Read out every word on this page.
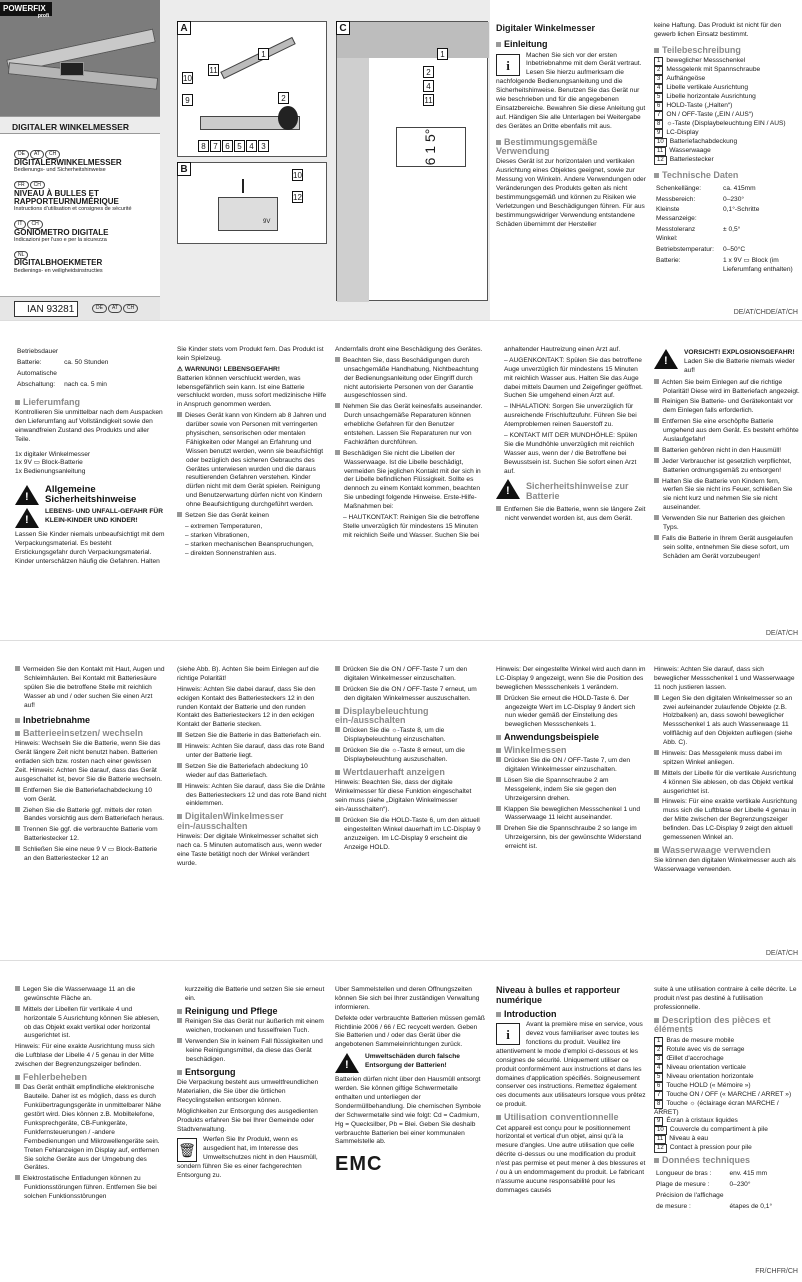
POWERFIX
profi
DIGITALER WINKELMESSER
DE AT CH
DIGITALERWINKELMESSER
Bedienungs- und Sicherheitshinweise
FR CH
NIVEAU À BULLES ET
RAPPORTEURNUMÉRIQUE
Instructions d'utilisation et consignes de sécurité
IT CH
GONIOMETRO DIGITALE
Indicazioni per l'uso e per la sicurezza
NL
DIGITALBHOEKMETER
Bedienings- en veiligheidsinstructies
IAN 93281	DE AT CH
1
10
11
9	2
8 7 6 5 4 3
A
9V
10
12
B
6 1 5°
1
2
4
11
C	Digitaler Winkelmesser
Einleitung
i

Machen Sie sich vor der ersten Inbetriebnahme mit dem Gerät vertraut. Lesen Sie hierzu aufmerksam die nachfolgende Bedienungsanleitung und die Sicherheitshinweise. Benutzen Sie das Gerät nur wie beschrieben und für die angegebenen Einsatzbereiche. Bewahren Sie diese Anleitung gut auf. Händigen Sie alle Unterlagen bei Weitergabe des Gerätes an Dritte ebenfalls mit aus.

Bestimmungsgemäße Verwendung

Dieses Gerät ist zur horizontalen und vertikalen Ausrichtung eines Objektes geeignet, sowie zur Messung von Winkeln. Andere Verwendungen oder Veränderungen des Produkts gelten als nicht bestimmungsgemäß und können zu Risiken wie Verletzungen und Beschädigungen führen. Für aus bestimmungswidriger Verwendung entstandene Schäden übernimmt der Hersteller

keine Haftung. Das Produkt ist nicht für den gewerb lichen Einsatz bestimmt.

Teilebeschreibung
1 beweglicher Messschenkel
2 Messgelenk mit Spannschraube
3 Aufhängeöse
4 Libelle vertikale Ausrichtung
5 Libelle horizontale Ausrichtung
6 HOLD-Taste („Halten“)
7 ON / OFF-Taste („EIN / AUS“)
8 ☼-Taste (Displaybeleuchtung EIN / AUS)
9 LC-Display
10 Batteriefachabdeckung
11 Wasserwaage
12 Batteriestecker
Technische Daten
Schenkellänge:	ca. 415mm
Messbereich:	0–230°
Kleinste Messanzeige:	0,1°-Schritte
Messtoleranz Winkel:	± 0,5°
Betriebstemperatur:	0–50°C
Batterie:	1 x 9V ▭ Block (im Lieferumfang enthalten)
DE/AT/CHDE/AT/CH
Betriebsdauer	
Batterie:	ca. 50 Stunden
Automatische	
Abschaltung:	nach ca. 5 min
Lieferumfang

Kontrollieren Sie unmittelbar nach dem Auspacken den Lieferumfang auf Vollständigkeit sowie den einwandfreien Zustand des Produkts und aller Teile.

1x digitaler Winkelmesser
1x 9V ▭ Block-Batterie
1x Bedienungsanleitung
!
Allgemeine Sicherheitshinweise
!
LEBENS- UND UNFALL-GEFAHR FÜR KLEIN-KINDER UND KINDER!

Lassen Sie Kinder niemals unbeaufsichtigt mit dem Verpackungsmaterial. Es besteht Erstickungsgefahr durch Verpackungsmaterial. Kinder unterschätzen häufig die Gefahren. Halten

Sie Kinder stets vom Produkt fern. Das Produkt ist kein Spielzeug.

⚠ WARNUNG! LEBENSGEFAHR!

Batterien können verschluckt werden, was lebensgefährlich sein kann. Ist eine Batterie verschluckt worden, muss sofort medizinische Hilfe in Anspruch genommen werden.

Dieses Gerät kann von Kindern ab 8 Jahren und darüber sowie von Personen mit verringerten physischen, sensorischen oder mentalen Fähigkeiten oder Mangel an Erfahrung und Wissen benutzt werden, wenn sie beaufsichtigt oder bezüglich des sicheren Gebrauchs des Gerätes unterwiesen wurden und die daraus resultierenden Gefahren verstehen. Kinder dürfen nicht mit dem Gerät spielen. Reinigung und Benutzerwartung dürfen nicht von Kindern ohne Beaufsichtigung durchgeführt werden.

Setzen Sie das Gerät keinen

– extremen Temperaturen,
– starken Vibrationen,
– starken mechanischen Beanspruchungen,
– direkten Sonnenstrahlen aus.

Andernfalls droht eine Beschädigung des Gerätes.

Beachten Sie, dass Beschädigungen durch unsachgemäße Handhabung, Nichtbeachtung der Bedienungsanleitung oder Eingriff durch nicht autorisierte Personen von der Garantie ausgeschlossen sind.

Nehmen Sie das Gerät keinesfalls auseinander. Durch unsachgemäße Reparaturen können erhebliche Gefahren für den Benutzer entstehen. Lassen Sie Reparaturen nur von Fachkräften durchführen.

Beschädigen Sie nicht die Libellen der Wasserwaage. Ist die Libelle beschädigt, vermeiden Sie jeglichen Kontakt mit der sich in der Libelle befindlichen Flüssigkeit. Sollte es dennoch zu einem Kontakt kommen, beachten Sie unbedingt folgende Hinweise. Erste-Hilfe-Maßnahmen bei:

– HAUTKONTAKT: Reinigen Sie die betroffene Stelle unverzüglich für mindestens 15 Minuten mit reichlich Seife und Wasser. Suchen Sie bei

anhaltender Hautreizung einen Arzt auf.

– AUGENKONTAKT: Spülen Sie das betroffene Auge unverzüglich für mindestens 15 Minuten mit reichlich Wasser aus. Halten Sie das Auge dabei mittels Daumen und Zeigefinger geöffnet. Suchen Sie umgehend einen Arzt auf.

– INHALATION: Sorgen Sie unverzüglich für ausreichende Frischluftzufuhr. Führen Sie bei Atemproblemen reinen Sauerstoff zu.

– KONTAKT MIT DER MUNDHÖHLE: Spülen Sie die Mundhöhle unverzüglich mit reichlich Wasser aus, wenn der / die Betroffene bei Bewusstsein ist. Suchen Sie sofort einen Arzt auf.

!
Sicherheitshinweise zur Batterie

Entfernen Sie die Batterie, wenn sie längere Zeit nicht verwendet worden ist, aus dem Gerät.

!
VORSICHT! EXPLOSIONSGEFAHR! Laden Sie die Batterie niemals wieder auf!

Achten Sie beim Einlegen auf die richtige Polarität! Diese wird im Batteriefach angezeigt.

Reinigen Sie Batterie- und Gerätekontakt vor dem Einlegen falls erforderlich.

Entfernen Sie eine erschöpfte Batterie umgehend aus dem Gerät. Es besteht erhöhte Auslaufgefahr!

Batterien gehören nicht in den Hausmüll!

Jeder Verbraucher ist gesetzlich verpflichtet, Batterien ordnungsgemäß zu entsorgen!

Halten Sie die Batterie von Kindern fern, werfen Sie sie nicht ins Feuer, schließen Sie sie nicht kurz und nehmen Sie sie nicht auseinander.

Verwenden Sie nur Batterien des gleichen Typs.

Falls die Batterie in Ihrem Gerät ausgelaufen sein sollte, entnehmen Sie diese sofort, um Schäden am Gerät vorzubeugen!

DE/AT/CH

Vermeiden Sie den Kontakt mit Haut, Augen und Schleimhäuten. Bei Kontakt mit Batteriesäure spülen Sie die betroffene Stelle mit reichlich Wasser ab und / oder suchen Sie einen Arzt auf!

Inbetriebnahme
Batterieeinsetzen/ wechseln

Hinweis: Wechseln Sie die Batterie, wenn Sie das Gerät längere Zeit nicht benutzt haben. Batterien entladen sich bzw. rosten nach einer gewissen Zeit. Hinweis: Achten Sie darauf, dass das Gerät ausgeschaltet ist, bevor Sie die Batterie wechseln.

Entfernen Sie die Batteriefachabdeckung 10 vom Gerät.

Ziehen Sie die Batterie ggf. mittels der roten Bandes vorsichtig aus dem Batteriefach heraus.

Trennen Sie ggf. die verbrauchte Batterie vom Batteriestecker 12.

Schließen Sie eine neue 9 V ▭ Block-Batterie an den Batteriestecker 12 an

(siehe Abb. B). Achten Sie beim Einlegen auf die richtige Polarität!

Hinweis: Achten Sie dabei darauf, dass Sie den eckigen Kontakt des Batteriesteckers 12 in den runden Kontakt der Batterie und den runden Kontakt des Batteriesteckers 12 in den eckigen Kontakt der Batterie stecken.

Setzen Sie die Batterie in das Batteriefach ein.

Hinweis: Achten Sie darauf, dass das rote Band unter der Batterie liegt.

Setzen Sie die Batteriefach abdeckung 10 wieder auf das Batteriefach.

Hinweis: Achten Sie darauf, dass Sie die Drähte des Batteriesteckers 12 und das rote Band nicht einklemmen.

DigitalenWinkelmesser ein-/ausschalten

Hinweis: Der digitale Winkelmesser schaltet sich nach ca. 5 Minuten automatisch aus, wenn weder eine Taste betätigt noch der Winkel verändert wurde.

Drücken Sie die ON / OFF-Taste 7 um den digitalen Winkelmesser einzuschalten.

Drücken Sie die ON / OFF-Taste 7 erneut, um den digitalen Winkelmesser auszuschalten.

Displaybeleuchtung ein-/ausschalten

Drücken Sie die ☼-Taste 8, um die Displaybeleuchtung einzuschalten.

Drücken Sie die ☼-Taste 8 erneut, um die Displaybeleuchtung auszuschalten.

Wertdauerhaft anzeigen

Hinweis: Beachten Sie, dass der digitale Winkelmesser für diese Funktion eingeschaltet sein muss (siehe „Digitalen Winkelmesser ein-/ausschalten“).

Drücken Sie die HOLD-Taste 6, um den aktuell eingestellten Winkel dauerhaft im LC-Display 9 anzuzeigen. Im LC-Display 9 erscheint die Anzeige HOLD.

Hinweis: Der eingestellte Winkel wird auch dann im LC-Display 9 angezeigt, wenn Sie die Position des beweglichen Messschenkels 1 verändern.

Drücken Sie erneut die HOLD-Taste 6. Der angezeigte Wert im LC-Display 9 ändert sich nun wieder gemäß der Einstellung des beweglichen Messschenkels 1.

Anwendungsbeispiele
Winkelmessen

Drücken Sie die ON / OFF-Taste 7, um den digitalen Winkelmesser einzuschalten.

Lösen Sie die Spannschraube 2 am Messgelenk, indem Sie sie gegen den Uhrzeigersinn drehen.

Klappen Sie beweglichen Messschenkel 1 und Wasserwaage 11 leicht auseinander.

Drehen Sie die Spannschraube 2 so lange im Uhrzeigersinn, bis der gewünschte Widerstand erreicht ist.

Hinweis: Achten Sie darauf, dass sich beweglicher Messschenkel 1 und Wasserwaage 11 noch justieren lassen.

Legen Sie den digitalen Winkelmesser so an zwei aufeinander zulaufende Objekte (z.B. Holzbalken) an, dass sowohl beweglicher Messschenkel 1 als auch Wasserwaage 11 vollflächig auf den Objekten aufliegen (siehe Abb. C).

Hinweis: Das Messgelenk muss dabei im spitzen Winkel anliegen.

Mittels der Libelle für die vertikale Ausrichtung 4 können Sie ablesen, ob das Objekt vertikal ausgerichtet ist.

Hinweis: Für eine exakte vertikale Ausrichtung muss sich die Luftblase der Libelle 4 genau in der Mitte zwischen der Begrenzungszeiger befinden. Das LC-Display 9 zeigt den aktuell gemessenen Winkel an.

Wasserwaage verwenden

Sie können den digitalen Winkelmesser auch als Wasserwaage verwenden.

DE/AT/CH

Legen Sie die Wasserwaage 11 an die gewünschte Fläche an.

Mittels der Libellen für vertikale 4 und horizontale 5 Ausrichtung können Sie ablesen, ob das Objekt exakt vertikal oder horizontal ausgerichtet ist.

Hinweis: Für eine exakte Ausrichtung muss sich die Luftblase der Libelle 4 / 5 genau in der Mitte zwischen der Begrenzungszeiger befinden.

Fehlerbeheben

Das Gerät enthält empfindliche elektronische Bauteile. Daher ist es möglich, dass es durch Funkübertragungsgeräte in unmittelbarer Nähe gestört wird. Dies können z.B. Mobiltelefone, Funksprechgeräte, CB-Funkgeräte, Funkfernsteuerungen / -andere Fernbedienungen und Mikrowellengeräte sein. Treten Fehlanzeigen im Display auf, entfernen Sie solche Geräte aus der Umgebung des Gerätes.

Elektrostatische Entladungen können zu Funktionsstörungen führen. Entfernen Sie bei solchen Funktionsstörungen

kurzzeitig die Batterie und setzen Sie sie erneut ein.

Reinigung und Pflege

Reinigen Sie das Gerät nur äußerlich mit einem weichen, trockenen und fusselfreien Tuch.

Verwenden Sie in keinem Fall flüssigkeiten und keine Reinigungsmittel, da diese das Gerät beschädigen.

Entsorgung

Die Verpackung besteht aus umweltfreundlichen Materialien, die Sie über die örtlichen Recyclingstellen entsorgen können.

Möglichkeiten zur Entsorgung des ausgedienten Produkts erfahren Sie bei Ihrer Gemeinde oder Stadtverwaltung.

🗑

Werfen Sie Ihr Produkt, wenn es ausgedient hat, im Interesse des Umweltschutzes nicht in den Hausmüll, sondern führen Sie es einer fachgerechten Entsorgung zu.

Über Sammelstellen und deren Öffnungszeiten können Sie sich bei Ihrer zuständigen Verwaltung informieren.

Defekte oder verbrauchte Batterien müssen gemäß Richtlinie 2006 / 66 / EC recycelt werden. Geben Sie Batterien und / oder das Gerät über die angebotenen Sammeleinrichtungen zurück.

!
Umweltschäden durch falsche Entsorgung der Batterien!

Batterien dürfen nicht über den Hausmüll entsorgt werden. Sie können giftige Schwermetalle enthalten und unterliegen der Sondermüllbehandlung. Die chemischen Symbole der Schwermetalle sind wie folgt: Cd = Cadmium, Hg = Quecksilber, Pb = Blei. Geben Sie deshalb verbrauchte Batterien bei einer kommunalen Sammelstelle ab.

EMC
Niveau à bulles et rapporteur numérique
Introduction
i

Avant la première mise en service, vous devez vous familiariser avec toutes les fonctions du produit. Veuillez lire attentivement le mode d'emploi ci-dessous et les consignes de sécurité. Uniquement utiliser ce produit conformément aux instructions et dans les domaines d'application spécifiés. Soigneusement conserver ces instructions. Remettez également ces documents aux utilisateurs lorsque vous prêtez ce produit.

Utilisation conventionnelle

Cet appareil est conçu pour le positionnement horizontal et vertical d'un objet, ainsi qu'à la mesure d'angles. Une autre utilisation que celle décrite ci-dessus ou une modification du produit n'est pas permise et peut mener à des blessures et / ou à un endommagement du produit. Le fabricant n'assume aucune responsabilité pour les dommages causés

suite à une utilisation contraire à celle décrite. Le produit n'est pas destiné à l'utilisation professionnelle.

Description des pièces et éléments
1 Bras de mesure mobile
2 Rotule avec vis de serrage
3 Œillet d'accrochage
4 Niveau orientation verticale
5 Niveau orientation horizontale
6 Touche HOLD (« Mémoire »)
7 Touche ON / OFF (« MARCHE / ARRET »)
8 Touche ☼ (éclairage écran MARCHE / ARRET)
9 Écran à cristaux liquides
10 Couvercle du compartiment à pile
11 Niveau à eau
12 Contact à pression pour pile
Données techniques
Longueur de bras :	env. 415 mm
Plage de mesure :	0–230°
Précision de l'affichage	
de mesure :	étapes de 0,1°
FR/CHFR/CH
